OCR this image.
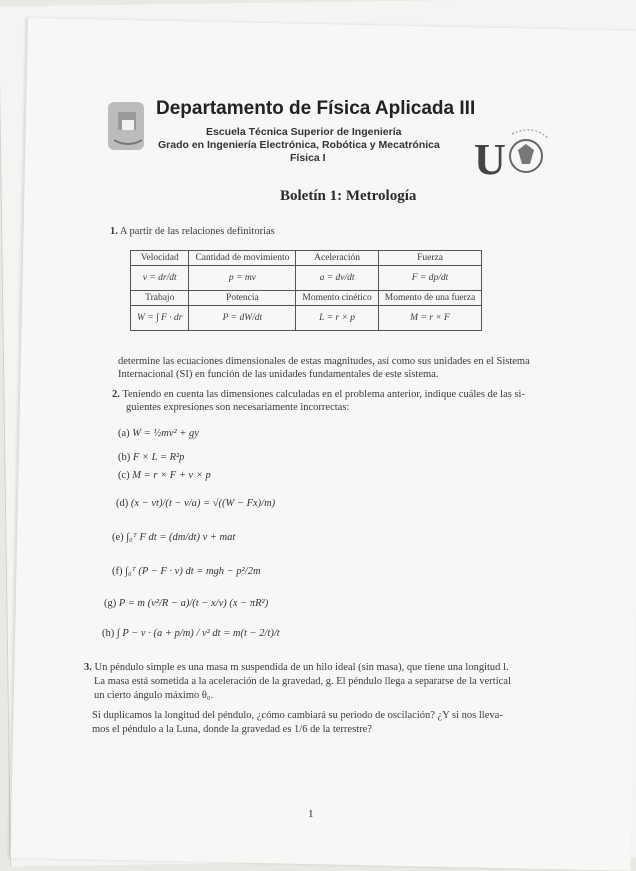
U
Departamento de Física Aplicada III
Escuela Técnica Superior de Ingeniería
Grado en Ingeniería Electrónica, Robótica y Mecatrónica
Física I
Boletín 1: Metrología
1. A partir de las relaciones definitorias
Velocidad	Cantidad de movimiento	Aceleración	Fuerza
v = dr/dt	p = mv	a = dv/dt	F = dp/dt
Trabajo	Potencia	Momento cinético	Momento de una fuerza
W = ∫ F · dr	P = dW/dt	L = r × p	M = r × F
determine las ecuaciones dimensionales de estas magnitudes, así como sus unidades en el Sistema
Internacional (SI) en función de las unidades fundamentales de este sistema.
2. Teniendo en cuenta las dimensiones calculadas en el problema anterior, indique cuáles de las si-
guientes expresiones son necesariamente incorrectas:
(a) W = ½mv² + gy
(b) F × L = R²p
(c) M = r × F + v × p
(d) (x − vt)/(t − v/a) = √((W − Fx)/m)
(e) ∫₀ᵀ F dt = (dm/dt) v + mat
(f) ∫₀ᵀ (P − F · v) dt = mgh − p²/2m
(g) P = m (v²/R − a)/(t − x/v) (x − πR²)
(h) ∫ P − v · (a + p/m) / v² dt = m(t − 2/t)/t
3. Un péndulo simple es una masa m suspendida de un hilo ideal (sin masa), que tiene una longitud l.
La masa está sometida a la aceleración de la gravedad, g. El péndulo llega a separarse de la vertical
un cierto ángulo máximo θ₀.
Si duplicamos la longitud del péndulo, ¿cómo cambiará su periodo de oscilación? ¿Y si nos lleva-
mos el péndulo a la Luna, donde la gravedad es 1/6 de la terrestre?
1
